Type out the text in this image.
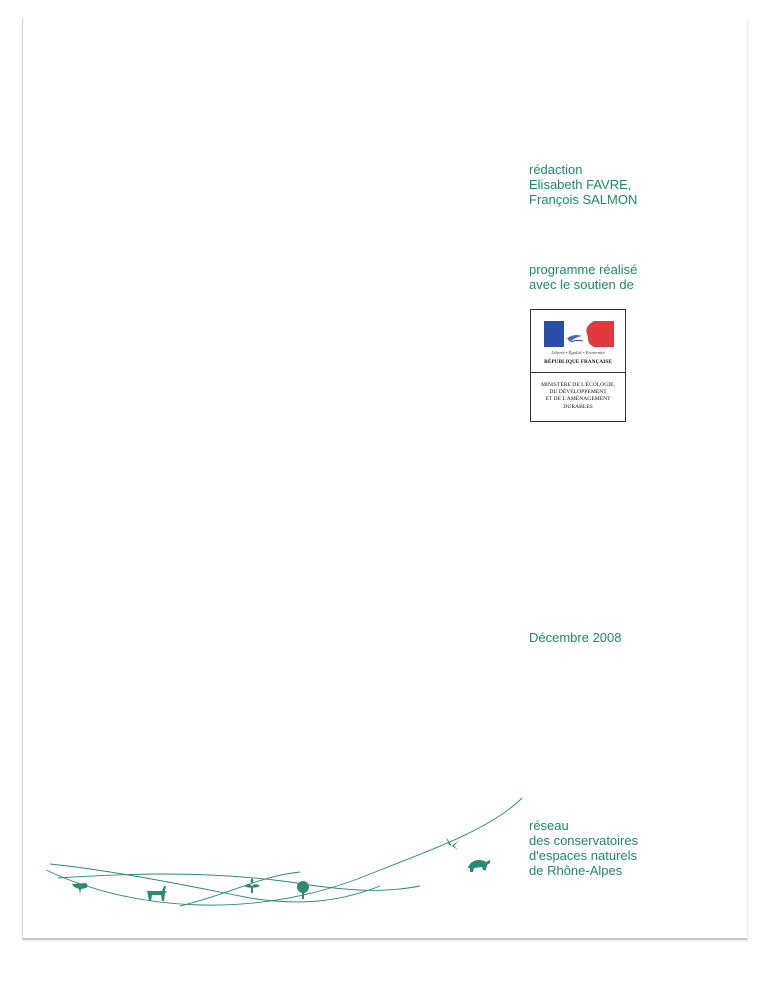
rédaction
Elisabeth FAVRE,
François SALMON
programme réalisé
avec le soutien de
Liberté • Égalité • Fraternité
RÉPUBLIQUE FRANÇAISE
MINISTÈRE DE L'ÉCOLOGIE,
DU DÉVELOPPEMENT
ET DE L'AMÉNAGEMENT
DURABLES
Décembre 2008
réseau
des conservatoires
d'espaces naturels
de Rhône-Alpes
